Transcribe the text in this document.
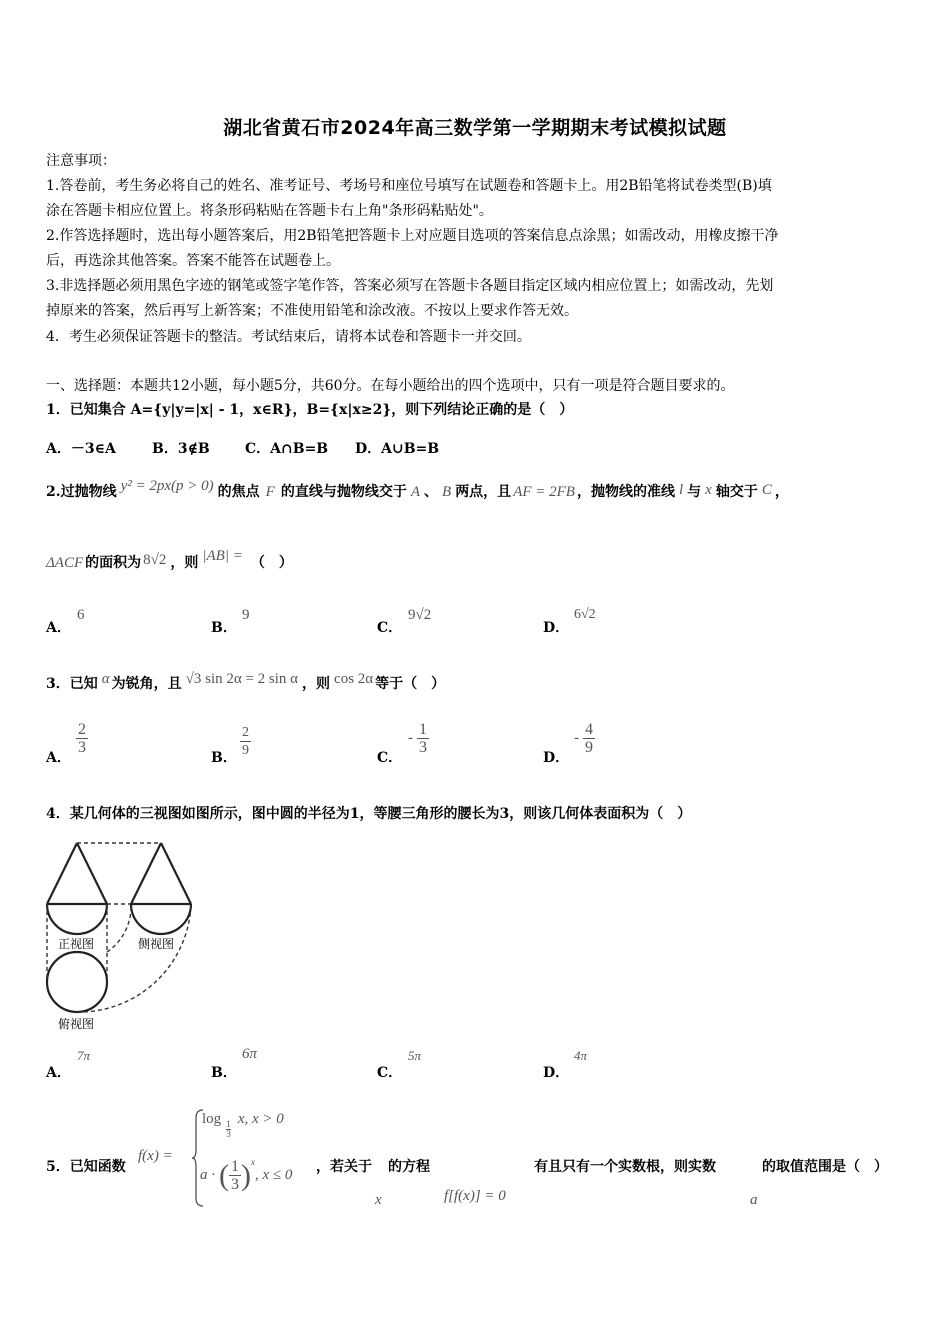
湖北省黄石市2024年高三数学第一学期期末考试模拟试题
注意事项：
1.答卷前，考生务必将自己的姓名、准考证号、考场号和座位号填写在试题卷和答题卡上。用2B铅笔将试卷类型(B)填
涂在答题卡相应位置上。将条形码粘贴在答题卡右上角"条形码粘贴处"。
2.作答选择题时，选出每小题答案后，用2B铅笔把答题卡上对应题目选项的答案信息点涂黑；如需改动，用橡皮擦干净
后，再选涂其他答案。答案不能答在试题卷上。
3.非选择题必须用黑色字迹的钢笔或签字笔作答，答案必须写在答题卡各题目指定区域内相应位置上；如需改动，先划
掉原来的答案，然后再写上新答案；不准使用铅笔和涂改液。不按以上要求作答无效。
4．考生必须保证答题卡的整洁。考试结束后，请将本试卷和答题卡一并交回。
一、选择题：本题共12小题，每小题5分，共60分。在每小题给出的四个选项中，只有一项是符合题目要求的。
1．已知集合 A={y|y=|x| - 1，x∈R}，B={x|x≥2}，则下列结论正确的是（　）
A．－3∈A	B．3∉B	C．A∩B=B D．A∪B=B
2.过抛物线 y² = 2px(p > 0) 的焦点 F 的直线与抛物线交于 A 、 B 两点，且 AF = 2FB ，抛物线的准线 l 与 x 轴交于 C ，
ΔACF 的面积为 8√2 ，则 |AB| = （　）
A．
6
B．
9
C．
9√2
D．
6√2
3．已知 α 为锐角，且 √3 sin 2α = 2 sin α ，则 cos 2α 等于（　）
A．
$\frac{2}{3}$
B． $\frac{2}{9}$	C．
- $\frac{1}{3}$
D．
- $\frac{4}{9}$
4．某几何体的三视图如图所示，图中圆的半径为1，等腰三角形的腰长为3，则该几何体表面积为（　）
正视图	侧视图
俯视图
A．
7π
B．
6π
C．
5π
D．
4π
5．已知函数
f(x) =
log
$\frac{1}{3}$
x, x > 0
a · ( $\frac{1}{3}$ ) x
, x ≤ 0 ，若关于 的方程	有且只有一个实数根，则实数	的取值范围是（　）
x	f[f(x)] = 0	a
